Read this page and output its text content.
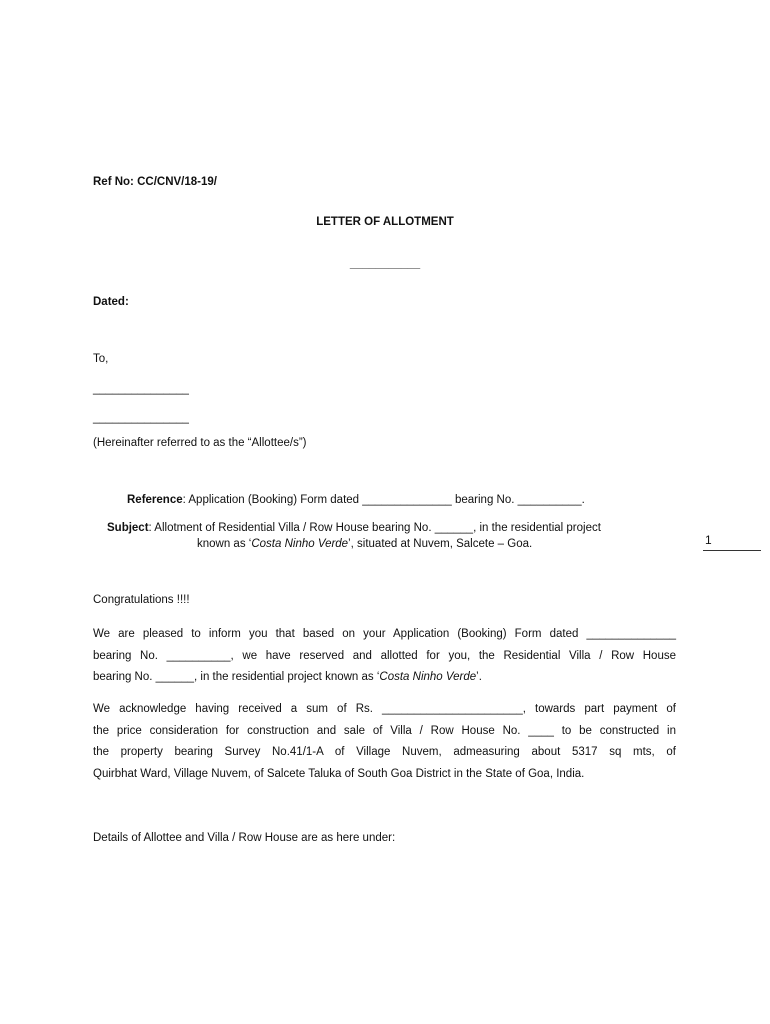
Ref No: CC/CNV/18-19/
LETTER OF ALLOTMENT
___________
Dated:
To,
_______________
_______________
(Hereinafter referred to as the “Allottee/s”)
Reference: Application (Booking) Form dated ______________ bearing No. __________.
Subject: Allotment of Residential Villa / Row House bearing No. ______, in the residential project
known as ‘Costa Ninho Verde’, situated at Nuvem, Salcete – Goa.	1
Congratulations !!!!
We are pleased to inform you that based on your Application (Booking) Form dated ______________
bearing No. __________, we have reserved and allotted for you, the Residential Villa / Row House
bearing No. ______, in the residential project known as ‘Costa Ninho Verde’.
We acknowledge having received a sum of Rs. ______________________, towards part payment of
the price consideration for construction and sale of Villa / Row House No. ____ to be constructed in
the property bearing Survey No.41/1-A of Village Nuvem, admeasuring about 5317 sq mts, of
Quirbhat Ward, Village Nuvem, of Salcete Taluka of South Goa District in the State of Goa, India.
Details of Allottee and Villa / Row House are as here under:
